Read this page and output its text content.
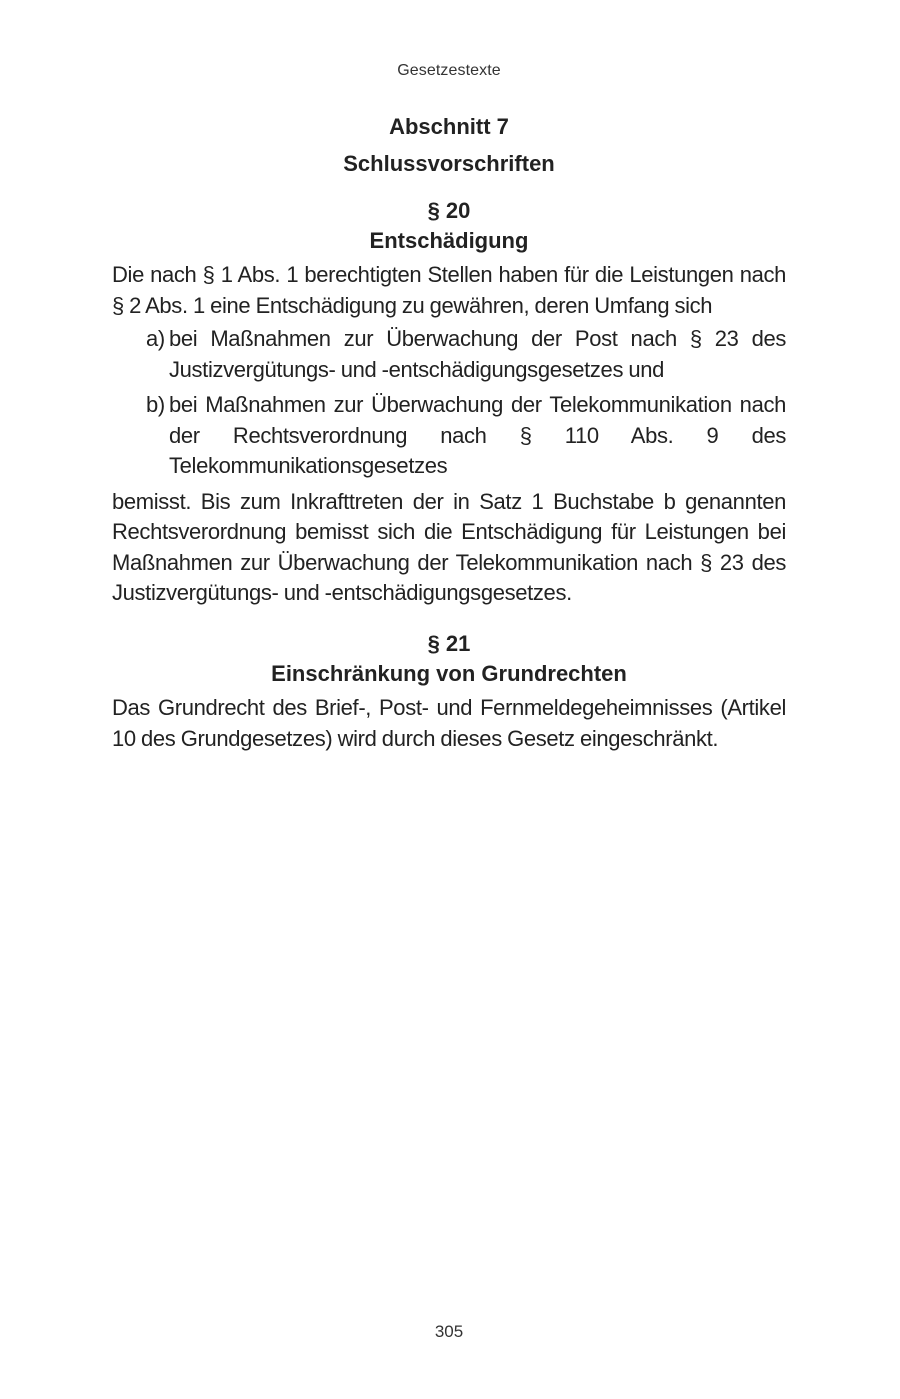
Gesetzestexte

Abschnitt 7

Schlussvorschriften

§ 20

Entschädigung

Die nach § 1 Abs. 1 berechtigten Stellen haben für die Leistungen nach § 2 Abs. 1 eine Entschädigung zu gewähren, deren Umfang sich

a) bei Maßnahmen zur Überwachung der Post nach § 23 des Justizvergütungs- und -entschädigungsgesetzes und
b) bei Maßnahmen zur Überwachung der Telekommunikation nach der Rechtsverordnung nach § 110 Abs. 9 des Telekommunikationsgesetzes

bemisst. Bis zum Inkrafttreten der in Satz 1 Buchstabe b genannten Rechtsverordnung bemisst sich die Entschädigung für Leistungen bei Maßnahmen zur Überwachung der Telekommunikation nach § 23 des Justizvergütungs- und -entschädigungsgesetzes.

§ 21

Einschränkung von Grundrechten

Das Grundrecht des Brief-, Post- und Fernmeldegeheimnisses (Artikel 10 des Grundgesetzes) wird durch dieses Gesetz eingeschränkt.

305
